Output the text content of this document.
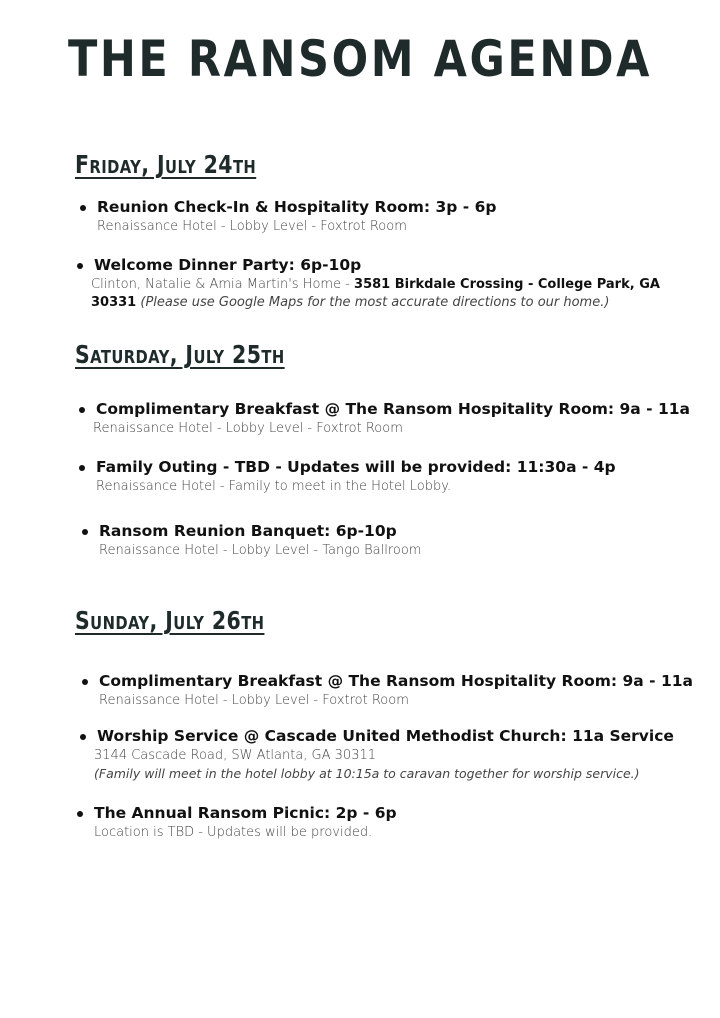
THE RANSOM AGENDA
Friday, July 24th
Reunion Check-In & Hospitality Room: 3p - 6p
Renaissance Hotel - Lobby Level - Foxtrot Room
Welcome Dinner Party: 6p-10p
Clinton, Natalie & Amia Martin's Home - 3581 Birkdale Crossing - College Park, GA
30331 (Please use Google Maps for the most accurate directions to our home.)
Saturday, July 25th
Complimentary Breakfast @ The Ransom Hospitality Room: 9a - 11a
Renaissance Hotel - Lobby Level - Foxtrot Room
Family Outing - TBD - Updates will be provided: 11:30a - 4p
Renaissance Hotel - Family to meet in the Hotel Lobby.
Ransom Reunion Banquet: 6p-10p
Renaissance Hotel - Lobby Level - Tango Ballroom
Sunday, July 26th
Complimentary Breakfast @ The Ransom Hospitality Room: 9a - 11a
Renaissance Hotel - Lobby Level - Foxtrot Room
Worship Service @ Cascade United Methodist Church: 11a Service
3144 Cascade Road, SW Atlanta, GA 30311
(Family will meet in the hotel lobby at 10:15a to caravan together for worship service.)
The Annual Ransom Picnic: 2p - 6p
Location is TBD - Updates will be provided.
